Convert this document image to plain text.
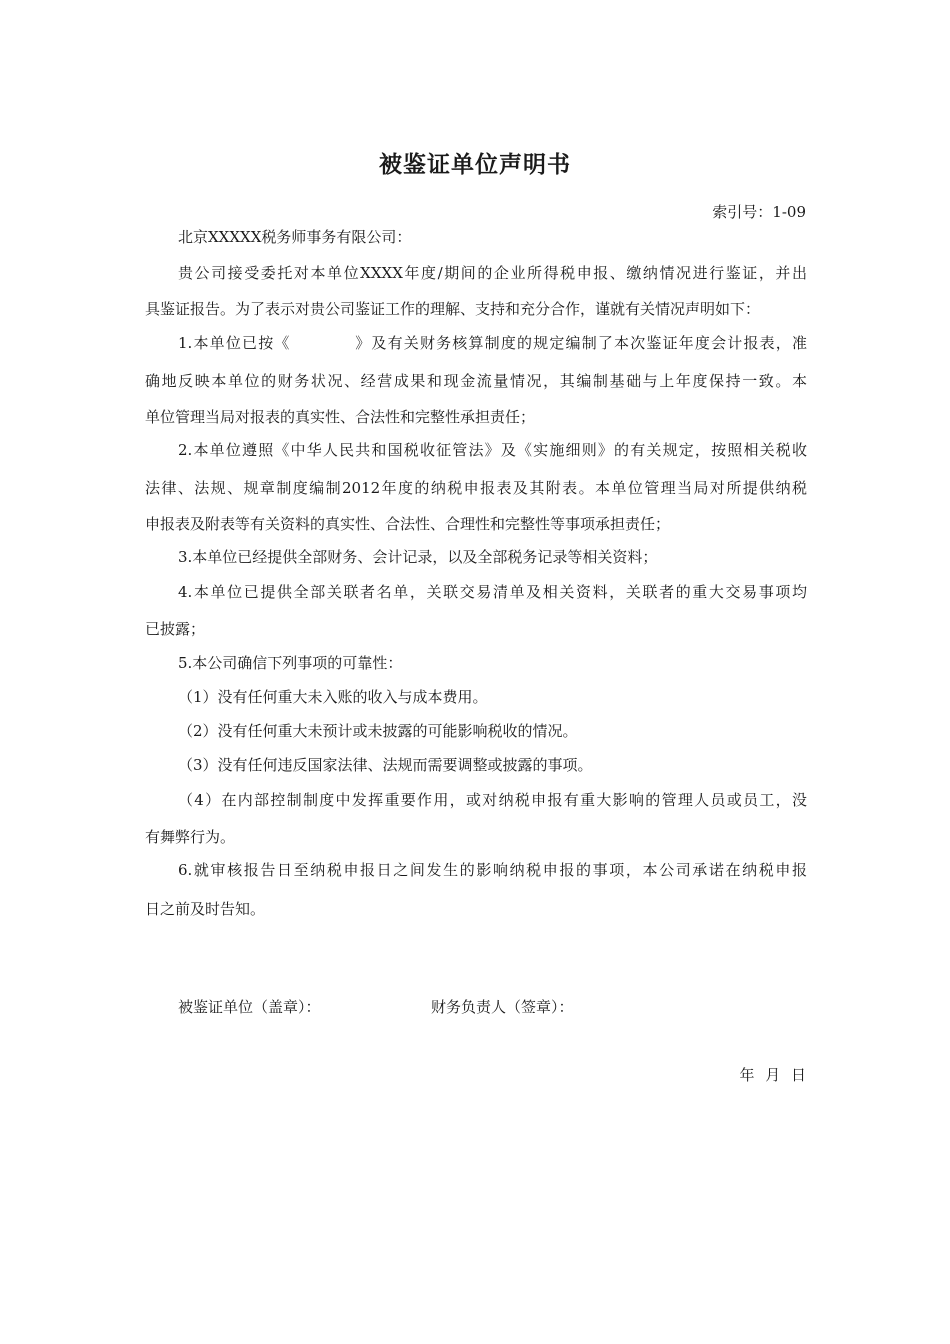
被鉴证单位声明书
索引号：1-09
北京XXXXX税务师事务有限公司：
贵公司接受委托对本单位XXXX年度/期间的企业所得税申报、缴纳情况进行鉴证，并出
具鉴证报告。为了表示对贵公司鉴证工作的理解、支持和充分合作，谨就有关情况声明如下：
1.本单位已按《　　　　》及有关财务核算制度的规定编制了本次鉴证年度会计报表，准
确地反映本单位的财务状况、经营成果和现金流量情况，其编制基础与上年度保持一致。本
单位管理当局对报表的真实性、合法性和完整性承担责任；
2.本单位遵照《中华人民共和国税收征管法》及《实施细则》的有关规定，按照相关税收
法律、法规、规章制度编制2012年度的纳税申报表及其附表。本单位管理当局对所提供纳税
申报表及附表等有关资料的真实性、合法性、合理性和完整性等事项承担责任；
3.本单位已经提供全部财务、会计记录，以及全部税务记录等相关资料；
4.本单位已提供全部关联者名单，关联交易清单及相关资料，关联者的重大交易事项均
已披露；
5.本公司确信下列事项的可靠性：
（1）没有任何重大未入账的收入与成本费用。
（2）没有任何重大未预计或未披露的可能影响税收的情况。
（3）没有任何违反国家法律、法规而需要调整或披露的事项。
（4）在内部控制制度中发挥重要作用，或对纳税申报有重大影响的管理人员或员工，没
有舞弊行为。
6.就审核报告日至纳税申报日之间发生的影响纳税申报的事项，本公司承诺在纳税申报
日之前及时告知。
被鉴证单位（盖章）：	财务负责人（签章）：
年 月 日
